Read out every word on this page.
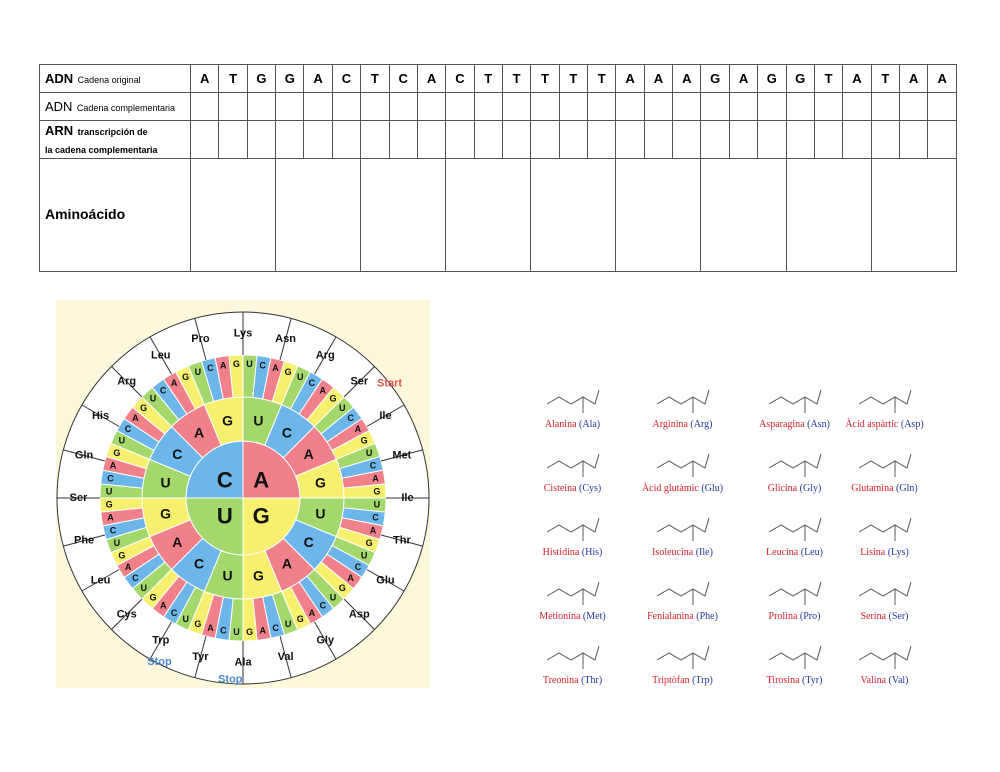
ADN Cadena original	A	T	G	G	A	C	T	C	A	C	T	T	T	T	T	A	A	A	G	A	G	G	T	A	T	A	A
ADN Cadena complementaria																											
ARN transcripción de
la cadena complementaria																											
Aminoácido																											
C
U
U
C
A
G	C
U
C
A
G
A
U
C
A
G
G
U C A G
A
U
U C A G
C
U
C
A
G
A
U
C
A
G
G
U
C
A
G
G	U
U
C
A
G
C
U
C
A
G
A
U
C
A
G
G
U
C
A
G
U
U
U
C
A
G
C
U
C
A
G
A
U
C
A
G
G
U
C
A
G
Pro Lys Asn
Arg
Ser
Ile
Met
Ile
Thr
Glu
Asp
Gly
Val
Ala
Tyr
Trp
Cys
Leu
Phe
Ser
Gln
His
Arg
Leu
Start
Stop
Stop
Alanina (Ala)	Arginina (Arg)	Asparagina (Asn)	Àcid aspàrtic (Asp)
Cisteína (Cys)	Àcid glutàmic (Glu)	Glicina (Gly)	Glutamina (Gln)
Histidina (His)	Isoleucina (Ile)	Leucina (Leu)	Lisina (Lys)
Metionina (Met)	Fenialanina (Phe)	Prolina (Pro)	Serina (Ser)
Treonina (Thr)	Triptòfan (Trp)	Tirosina (Tyr)	Valina (Val)
